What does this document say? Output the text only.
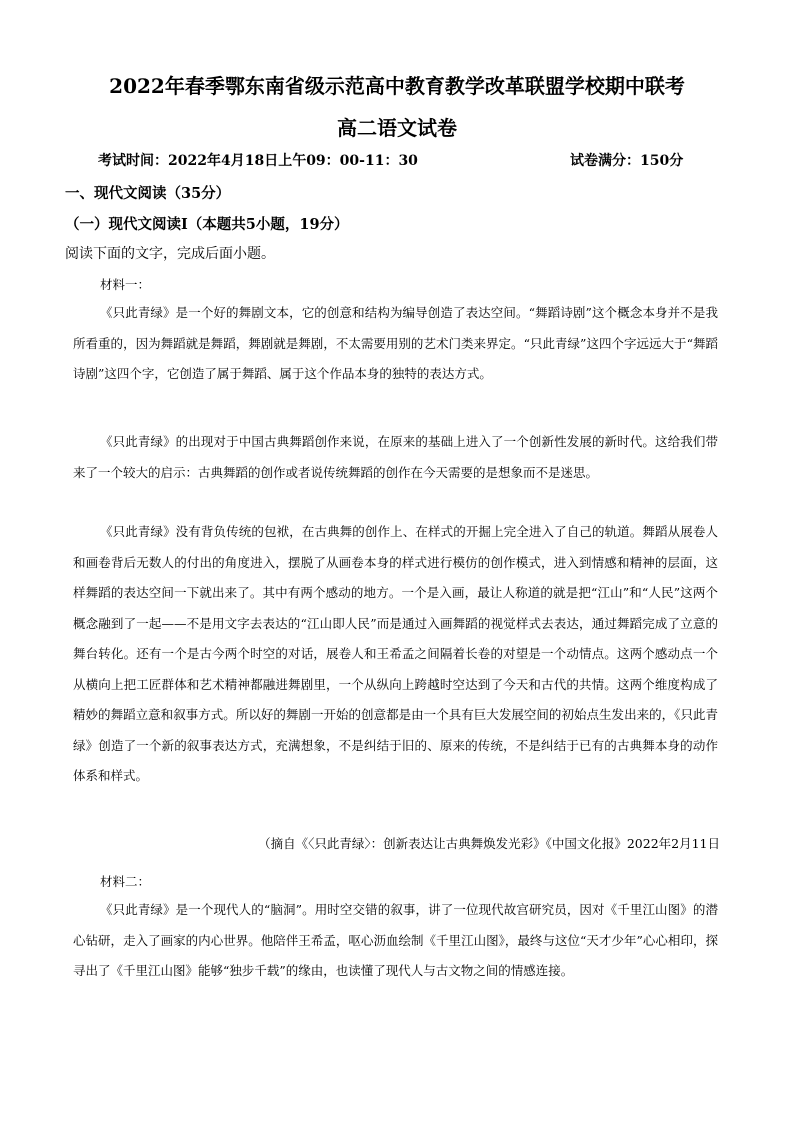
2022年春季鄂东南省级示范高中教育教学改革联盟学校期中联考
高二语文试卷
考试时间：2022年4月18日上午09：00-11：30	试卷满分：150分
一、现代文阅读（35分）
（一）现代文阅读Ⅰ（本题共5小题，19分）
阅读下面的文字，完成后面小题。
材料一：

《只此青绿》是一个好的舞剧文本，它的创意和结构为编导创造了表达空间。“舞蹈诗剧”这个概念本身并不是我所看重的，因为舞蹈就是舞蹈，舞剧就是舞剧，不太需要用别的艺术门类来界定。“只此青绿”这四个字远远大于“舞蹈诗剧”这四个字，它创造了属于舞蹈、属于这个作品本身的独特的表达方式。

《只此青绿》的出现对于中国古典舞蹈创作来说，在原来的基础上进入了一个创新性发展的新时代。这给我们带来了一个较大的启示：古典舞蹈的创作或者说传统舞蹈的创作在今天需要的是想象而不是迷思。

《只此青绿》没有背负传统的包袱，在古典舞的创作上、在样式的开掘上完全进入了自己的轨道。舞蹈从展卷人和画卷背后无数人的付出的角度进入，摆脱了从画卷本身的样式进行模仿的创作模式，进入到情感和精神的层面，这样舞蹈的表达空间一下就出来了。其中有两个感动的地方。一个是入画，最让人称道的就是把“江山”和“人民”这两个概念融到了一起——不是用文字去表达的“江山即人民”而是通过入画舞蹈的视觉样式去表达，通过舞蹈完成了立意的舞台转化。还有一个是古今两个时空的对话，展卷人和王希孟之间隔着长卷的对望是一个动情点。这两个感动点一个从横向上把工匠群体和艺术精神都融进舞剧里，一个从纵向上跨越时空达到了今天和古代的共情。这两个维度构成了精妙的舞蹈立意和叙事方式。所以好的舞剧一开始的创意都是由一个具有巨大发展空间的初始点生发出来的，《只此青绿》创造了一个新的叙事表达方式，充满想象，不是纠结于旧的、原来的传统，不是纠结于已有的古典舞本身的动作体系和样式。

（摘自《〈只此青绿〉：创新表达让古典舞焕发光彩》《中国文化报》2022年2月11日
材料二：

《只此青绿》是一个现代人的“脑洞”。用时空交错的叙事，讲了一位现代故宫研究员，因对《千里江山图》的潜心钻研，走入了画家的内心世界。他陪伴王希孟，呕心沥血绘制《千里江山图》，最终与这位“天才少年”心心相印，探寻出了《千里江山图》能够“独步千载”的缘由，也读懂了现代人与古文物之间的情感连接。
